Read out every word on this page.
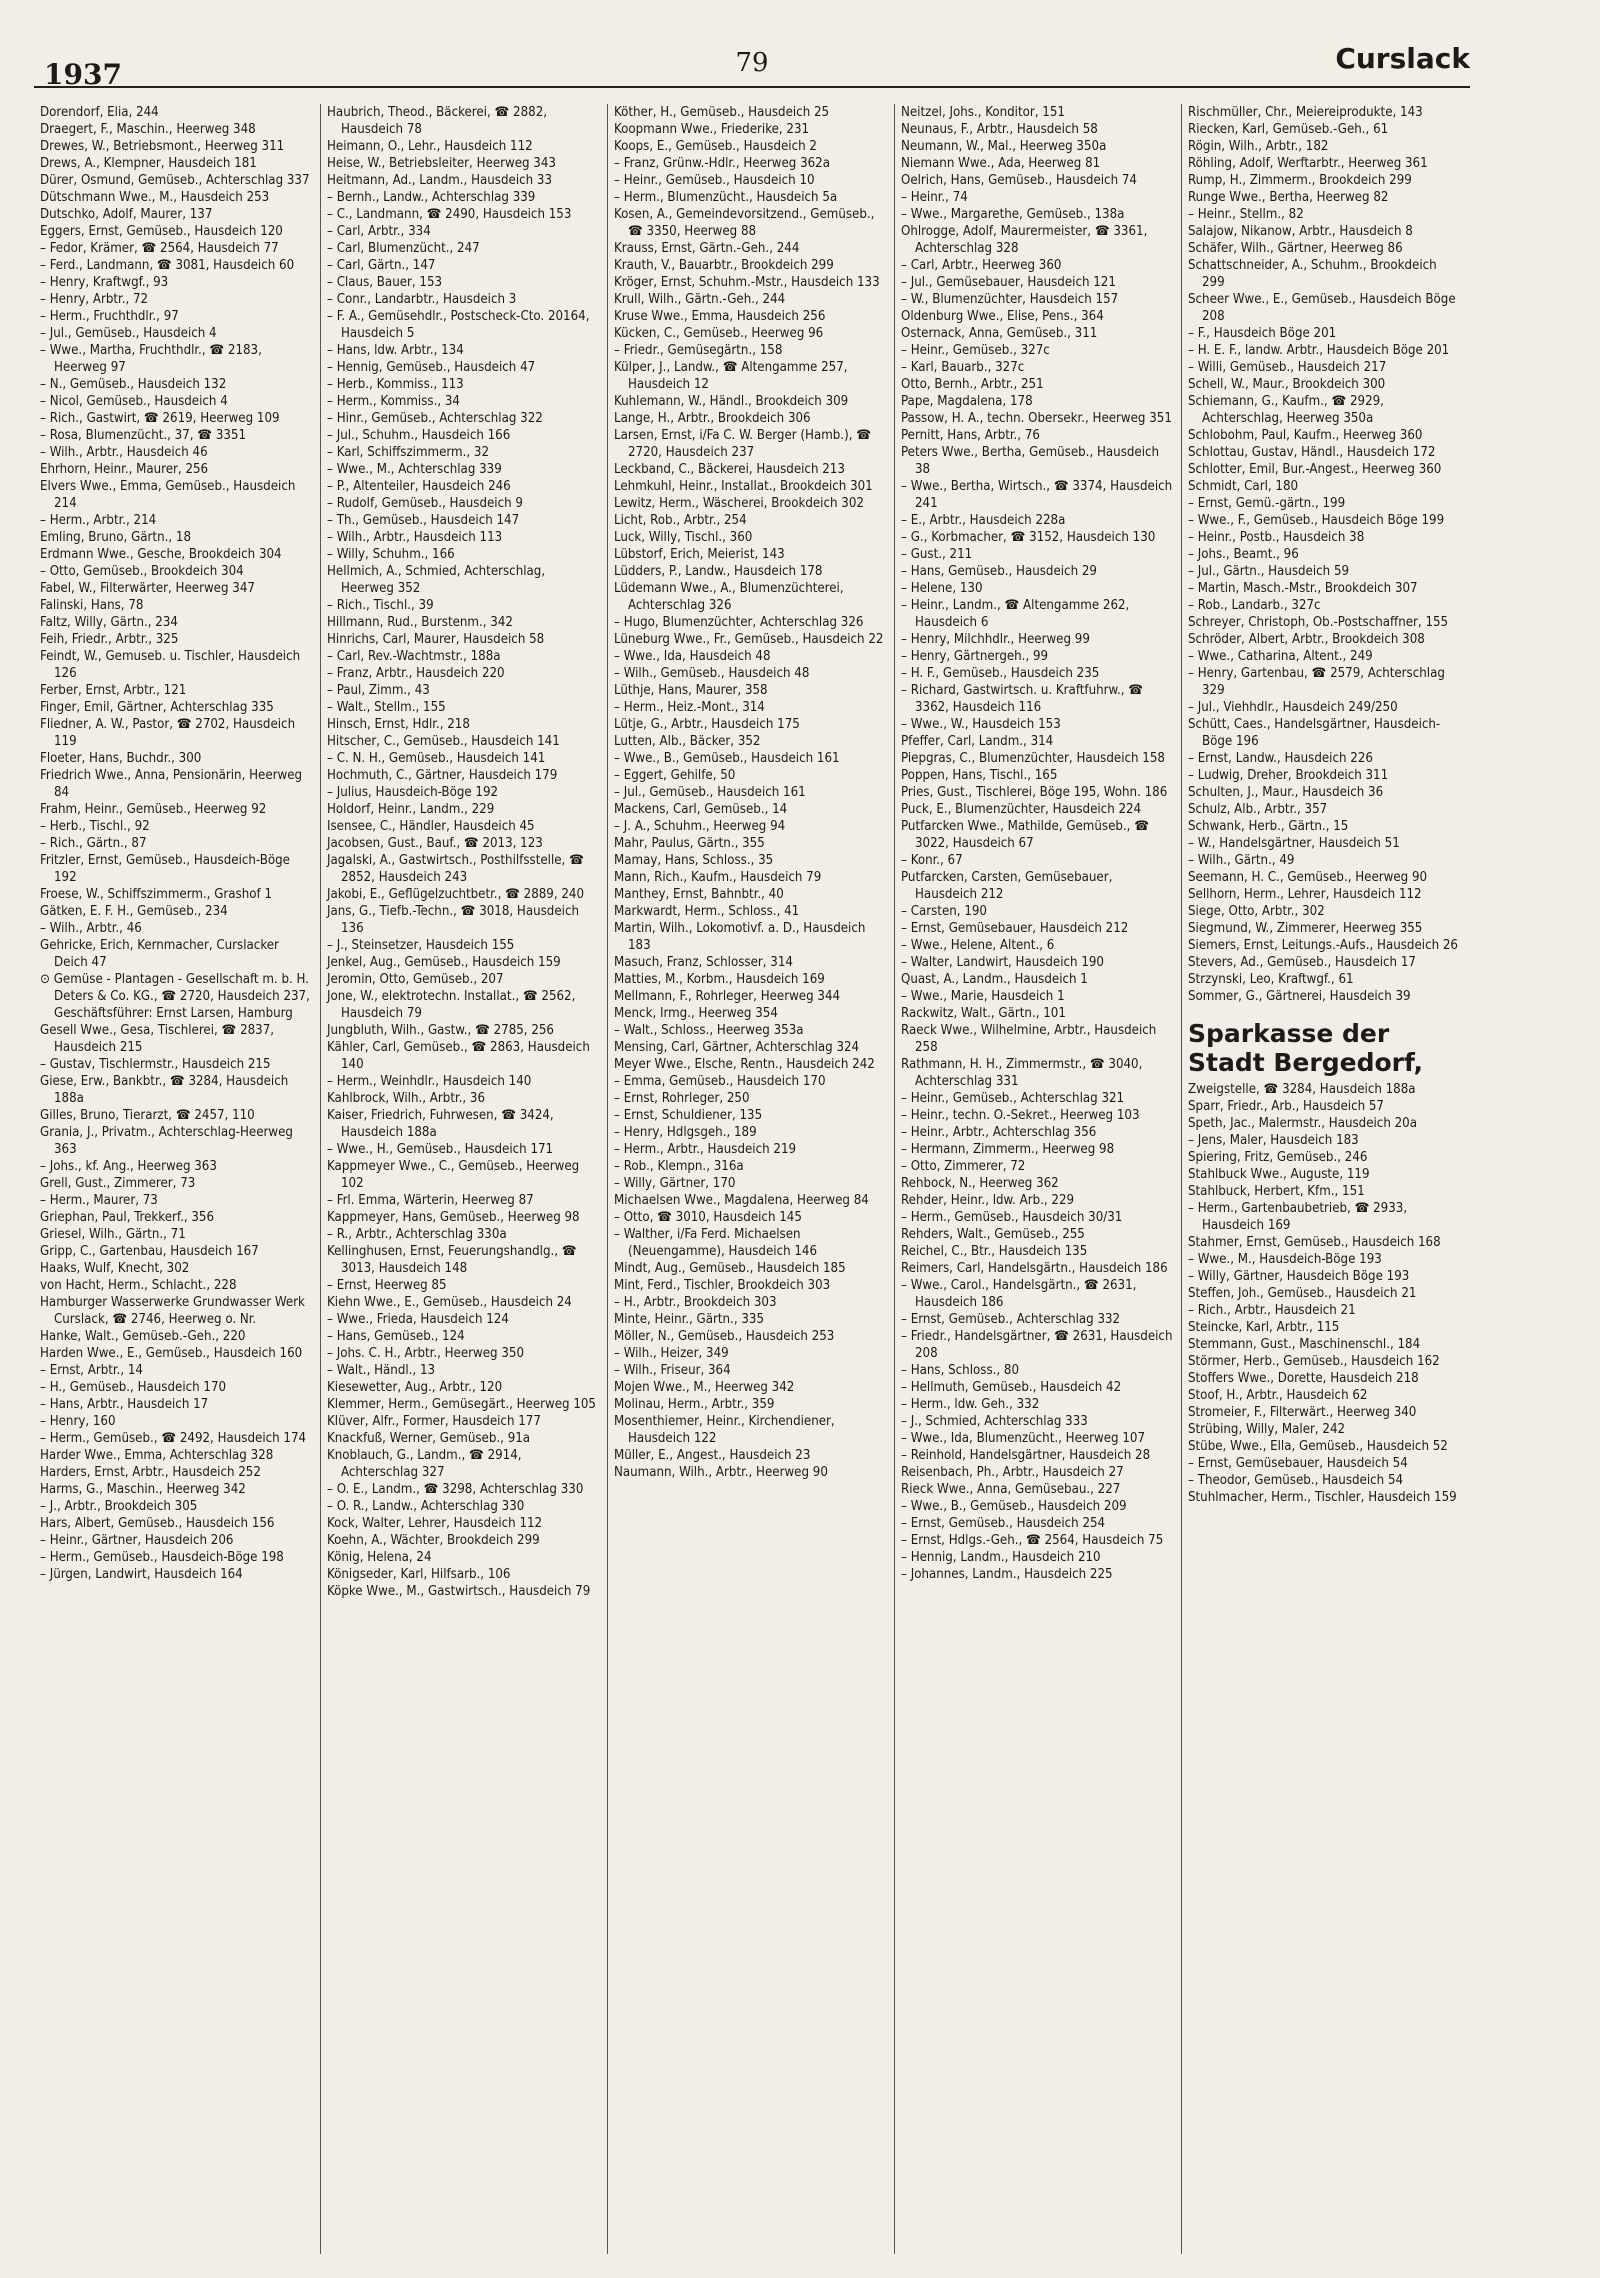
1937	79	Curslack

Dorendorf, Elia, 244

Draegert, F., Maschin., Heerweg 348

Drewes, W., Betriebsmont., Heerweg 311

Drews, A., Klempner, Hausdeich 181

Dürer, Osmund, Gemüseb., Achterschlag 337

Dütschmann Wwe., M., Hausdeich 253

Dutschko, Adolf, Maurer, 137

Eggers, Ernst, Gemüseb., Hausdeich 120

– Fedor, Krämer, ☎ 2564, Hausdeich 77

– Ferd., Landmann, ☎ 3081, Hausdeich 60

– Henry, Kraftwgf., 93

– Henry, Arbtr., 72

– Herm., Fruchthdlr., 97

– Jul., Gemüseb., Hausdeich 4

– Wwe., Martha, Fruchthdlr., ☎ 2183, Heerweg 97

– N., Gemüseb., Hausdeich 132

– Nicol, Gemüseb., Hausdeich 4

– Rich., Gastwirt, ☎ 2619, Heerweg 109

– Rosa, Blumenzücht., 37, ☎ 3351

– Wilh., Arbtr., Hausdeich 46

Ehrhorn, Heinr., Maurer, 256

Elvers Wwe., Emma, Gemüseb., Hausdeich 214

– Herm., Arbtr., 214

Emling, Bruno, Gärtn., 18

Erdmann Wwe., Gesche, Brookdeich 304

– Otto, Gemüseb., Brookdeich 304

Fabel, W., Filterwärter, Heerweg 347

Falinski, Hans, 78

Faltz, Willy, Gärtn., 234

Feih, Friedr., Arbtr., 325

Feindt, W., Gemuseb. u. Tischler, Hausdeich 126

Ferber, Ernst, Arbtr., 121

Finger, Emil, Gärtner, Achterschlag 335

Fliedner, A. W., Pastor, ☎ 2702, Hausdeich 119

Floeter, Hans, Buchdr., 300

Friedrich Wwe., Anna, Pensionärin, Heerweg 84

Frahm, Heinr., Gemüseb., Heerweg 92

– Herb., Tischl., 92

– Rich., Gärtn., 87

Fritzler, Ernst, Gemüseb., Hausdeich-Böge 192

Froese, W., Schiffszimmerm., Grashof 1

Gätken, E. F. H., Gemüseb., 234

– Wilh., Arbtr., 46

Gehricke, Erich, Kernmacher, Curslacker Deich 47

⊙ Gemüse - Plantagen - Gesellschaft m. b. H. Deters & Co. KG., ☎ 2720, Hausdeich 237, Geschäftsführer: Ernst Larsen, Hamburg

Gesell Wwe., Gesa, Tischlerei, ☎ 2837, Hausdeich 215

– Gustav, Tischlermstr., Hausdeich 215

Giese, Erw., Bankbtr., ☎ 3284, Hausdeich 188a

Gilles, Bruno, Tierarzt, ☎ 2457, 110

Grania, J., Privatm., Achterschlag-Heerweg 363

– Johs., kf. Ang., Heerweg 363

Grell, Gust., Zimmerer, 73

– Herm., Maurer, 73

Griephan, Paul, Trekkerf., 356

Griesel, Wilh., Gärtn., 71

Gripp, C., Gartenbau, Hausdeich 167

Haaks, Wulf, Knecht, 302

von Hacht, Herm., Schlacht., 228

Hamburger Wasserwerke Grundwasser Werk Curslack, ☎ 2746, Heerweg o. Nr.

Hanke, Walt., Gemüseb.-Geh., 220

Harden Wwe., E., Gemüseb., Hausdeich 160

– Ernst, Arbtr., 14

– H., Gemüseb., Hausdeich 170

– Hans, Arbtr., Hausdeich 17

– Henry, 160

– Herm., Gemüseb., ☎ 2492, Hausdeich 174

Harder Wwe., Emma, Achterschlag 328

Harders, Ernst, Arbtr., Hausdeich 252

Harms, G., Maschin., Heerweg 342

– J., Arbtr., Brookdeich 305

Hars, Albert, Gemüseb., Hausdeich 156

– Heinr., Gärtner, Hausdeich 206

– Herm., Gemüseb., Hausdeich-Böge 198

– Jürgen, Landwirt, Hausdeich 164

Haubrich, Theod., Bäckerei, ☎ 2882, Hausdeich 78

Heimann, O., Lehr., Hausdeich 112

Heise, W., Betriebsleiter, Heerweg 343

Heitmann, Ad., Landm., Hausdeich 33

– Bernh., Landw., Achterschlag 339

– C., Landmann, ☎ 2490, Hausdeich 153

– Carl, Arbtr., 334

– Carl, Blumenzücht., 247

– Carl, Gärtn., 147

– Claus, Bauer, 153

– Conr., Landarbtr., Hausdeich 3

– F. A., Gemüsehdlr., Postscheck-Cto. 20164, Hausdeich 5

– Hans, ldw. Arbtr., 134

– Hennig, Gemüseb., Hausdeich 47

– Herb., Kommiss., 113

– Herm., Kommiss., 34

– Hinr., Gemüseb., Achterschlag 322

– Jul., Schuhm., Hausdeich 166

– Karl, Schiffszimmerm., 32

– Wwe., M., Achterschlag 339

– P., Altenteiler, Hausdeich 246

– Rudolf, Gemüseb., Hausdeich 9

– Th., Gemüseb., Hausdeich 147

– Wilh., Arbtr., Hausdeich 113

– Willy, Schuhm., 166

Hellmich, A., Schmied, Achterschlag, Heerweg 352

– Rich., Tischl., 39

Hillmann, Rud., Burstenm., 342

Hinrichs, Carl, Maurer, Hausdeich 58

– Carl, Rev.-Wachtmstr., 188a

– Franz, Arbtr., Hausdeich 220

– Paul, Zimm., 43

– Walt., Stellm., 155

Hinsch, Ernst, Hdlr., 218

Hitscher, C., Gemüseb., Hausdeich 141

– C. N. H., Gemüseb., Hausdeich 141

Hochmuth, C., Gärtner, Hausdeich 179

– Julius, Hausdeich-Böge 192

Holdorf, Heinr., Landm., 229

Isensee, C., Händler, Hausdeich 45

Jacobsen, Gust., Bauf., ☎ 2013, 123

Jagalski, A., Gastwirtsch., Posthilfsstelle, ☎ 2852, Hausdeich 243

Jakobi, E., Geflügelzuchtbetr., ☎ 2889, 240

Jans, G., Tiefb.-Techn., ☎ 3018, Hausdeich 136

– J., Steinsetzer, Hausdeich 155

Jenkel, Aug., Gemüseb., Hausdeich 159

Jeromin, Otto, Gemüseb., 207

Jone, W., elektrotechn. Installat., ☎ 2562, Hausdeich 79

Jungbluth, Wilh., Gastw., ☎ 2785, 256

Kähler, Carl, Gemüseb., ☎ 2863, Hausdeich 140

– Herm., Weinhdlr., Hausdeich 140

Kahlbrock, Wilh., Arbtr., 36

Kaiser, Friedrich, Fuhrwesen, ☎ 3424, Hausdeich 188a

– Wwe., H., Gemüseb., Hausdeich 171

Kappmeyer Wwe., C., Gemüseb., Heerweg 102

– Frl. Emma, Wärterin, Heerweg 87

Kappmeyer, Hans, Gemüseb., Heerweg 98

– R., Arbtr., Achterschlag 330a

Kellinghusen, Ernst, Feuerungshandlg., ☎ 3013, Hausdeich 148

– Ernst, Heerweg 85

Kiehn Wwe., E., Gemüseb., Hausdeich 24

– Wwe., Frieda, Hausdeich 124

– Hans, Gemüseb., 124

– Johs. C. H., Arbtr., Heerweg 350

– Walt., Händl., 13

Kiesewetter, Aug., Arbtr., 120

Klemmer, Herm., Gemüsegärt., Heerweg 105

Klüver, Alfr., Former, Hausdeich 177

Knackfuß, Werner, Gemüseb., 91a

Knoblauch, G., Landm., ☎ 2914, Achterschlag 327

– O. E., Landm., ☎ 3298, Achterschlag 330

– O. R., Landw., Achterschlag 330

Kock, Walter, Lehrer, Hausdeich 112

Koehn, A., Wächter, Brookdeich 299

König, Helena, 24

Königseder, Karl, Hilfsarb., 106

Köpke Wwe., M., Gastwirtsch., Hausdeich 79

Köther, H., Gemüseb., Hausdeich 25

Koopmann Wwe., Friederike, 231

Koops, E., Gemüseb., Hausdeich 2

– Franz, Grünw.-Hdlr., Heerweg 362a

– Heinr., Gemüseb., Hausdeich 10

– Herm., Blumenzücht., Hausdeich 5a

Kosen, A., Gemeindevorsitzend., Gemüseb., ☎ 3350, Heerweg 88

Krauss, Ernst, Gärtn.-Geh., 244

Krauth, V., Bauarbtr., Brookdeich 299

Kröger, Ernst, Schuhm.-Mstr., Hausdeich 133

Krull, Wilh., Gärtn.-Geh., 244

Kruse Wwe., Emma, Hausdeich 256

Kücken, C., Gemüseb., Heerweg 96

– Friedr., Gemüsegärtn., 158

Külper, J., Landw., ☎ Altengamme 257, Hausdeich 12

Kuhlemann, W., Händl., Brookdeich 309

Lange, H., Arbtr., Brookdeich 306

Larsen, Ernst, i/Fa C. W. Berger (Hamb.), ☎ 2720, Hausdeich 237

Leckband, C., Bäckerei, Hausdeich 213

Lehmkuhl, Heinr., Installat., Brookdeich 301

Lewitz, Herm., Wäscherei, Brookdeich 302

Licht, Rob., Arbtr., 254

Luck, Willy, Tischl., 360

Lübstorf, Erich, Meierist, 143

Lüdders, P., Landw., Hausdeich 178

Lüdemann Wwe., A., Blumenzüchterei, Achterschlag 326

– Hugo, Blumenzüchter, Achterschlag 326

Lüneburg Wwe., Fr., Gemüseb., Hausdeich 22

– Wwe., Ida, Hausdeich 48

– Wilh., Gemüseb., Hausdeich 48

Lüthje, Hans, Maurer, 358

– Herm., Heiz.-Mont., 314

Lütje, G., Arbtr., Hausdeich 175

Lutten, Alb., Bäcker, 352

– Wwe., B., Gemüseb., Hausdeich 161

– Eggert, Gehilfe, 50

– Jul., Gemüseb., Hausdeich 161

Mackens, Carl, Gemüseb., 14

– J. A., Schuhm., Heerweg 94

Mahr, Paulus, Gärtn., 355

Mamay, Hans, Schloss., 35

Mann, Rich., Kaufm., Hausdeich 79

Manthey, Ernst, Bahnbtr., 40

Markwardt, Herm., Schloss., 41

Martin, Wilh., Lokomotivf. a. D., Hausdeich 183

Masuch, Franz, Schlosser, 314

Matties, M., Korbm., Hausdeich 169

Mellmann, F., Rohrleger, Heerweg 344

Menck, Irmg., Heerweg 354

– Walt., Schloss., Heerweg 353a

Mensing, Carl, Gärtner, Achterschlag 324

Meyer Wwe., Elsche, Rentn., Hausdeich 242

– Emma, Gemüseb., Hausdeich 170

– Ernst, Rohrleger, 250

– Ernst, Schuldiener, 135

– Henry, Hdlgsgeh., 189

– Herm., Arbtr., Hausdeich 219

– Rob., Klempn., 316a

– Willy, Gärtner, 170

Michaelsen Wwe., Magdalena, Heerweg 84

– Otto, ☎ 3010, Hausdeich 145

– Walther, i/Fa Ferd. Michaelsen (Neuengamme), Hausdeich 146

Mindt, Aug., Gemüseb., Hausdeich 185

Mint, Ferd., Tischler, Brookdeich 303

– H., Arbtr., Brookdeich 303

Minte, Heinr., Gärtn., 335

Möller, N., Gemüseb., Hausdeich 253

– Wilh., Heizer, 349

– Wilh., Friseur, 364

Mojen Wwe., M., Heerweg 342

Molinau, Herm., Arbtr., 359

Mosenthiemer, Heinr., Kirchendiener, Hausdeich 122

Müller, E., Angest., Hausdeich 23

Naumann, Wilh., Arbtr., Heerweg 90

Neitzel, Johs., Konditor, 151

Neunaus, F., Arbtr., Hausdeich 58

Neumann, W., Mal., Heerweg 350a

Niemann Wwe., Ada, Heerweg 81

Oelrich, Hans, Gemüseb., Hausdeich 74

– Heinr., 74

– Wwe., Margarethe, Gemüseb., 138a

Ohlrogge, Adolf, Maurermeister, ☎ 3361, Achterschlag 328

– Carl, Arbtr., Heerweg 360

– Jul., Gemüsebauer, Hausdeich 121

– W., Blumenzüchter, Hausdeich 157

Oldenburg Wwe., Elise, Pens., 364

Osternack, Anna, Gemüseb., 311

– Heinr., Gemüseb., 327c

– Karl, Bauarb., 327c

Otto, Bernh., Arbtr., 251

Pape, Magdalena, 178

Passow, H. A., techn. Obersekr., Heerweg 351

Pernitt, Hans, Arbtr., 76

Peters Wwe., Bertha, Gemüseb., Hausdeich 38

– Wwe., Bertha, Wirtsch., ☎ 3374, Hausdeich 241

– E., Arbtr., Hausdeich 228a

– G., Korbmacher, ☎ 3152, Hausdeich 130

– Gust., 211

– Hans, Gemüseb., Hausdeich 29

– Helene, 130

– Heinr., Landm., ☎ Altengamme 262, Hausdeich 6

– Henry, Milchhdlr., Heerweg 99

– Henry, Gärtnergeh., 99

– H. F., Gemüseb., Hausdeich 235

– Richard, Gastwirtsch. u. Kraftfuhrw., ☎ 3362, Hausdeich 116

– Wwe., W., Hausdeich 153

Pfeffer, Carl, Landm., 314

Piepgras, C., Blumenzüchter, Hausdeich 158

Poppen, Hans, Tischl., 165

Pries, Gust., Tischlerei, Böge 195, Wohn. 186

Puck, E., Blumenzüchter, Hausdeich 224

Putfarcken Wwe., Mathilde, Gemüseb., ☎ 3022, Hausdeich 67

– Konr., 67

Putfarcken, Carsten, Gemüsebauer, Hausdeich 212

– Carsten, 190

– Ernst, Gemüsebauer, Hausdeich 212

– Wwe., Helene, Altent., 6

– Walter, Landwirt, Hausdeich 190

Quast, A., Landm., Hausdeich 1

– Wwe., Marie, Hausdeich 1

Rackwitz, Walt., Gärtn., 101

Raeck Wwe., Wilhelmine, Arbtr., Hausdeich 258

Rathmann, H. H., Zimmermstr., ☎ 3040, Achterschlag 331

– Heinr., Gemüseb., Achterschlag 321

– Heinr., techn. O.-Sekret., Heerweg 103

– Heinr., Arbtr., Achterschlag 356

– Hermann, Zimmerm., Heerweg 98

– Otto, Zimmerer, 72

Rehbock, N., Heerweg 362

Rehder, Heinr., ldw. Arb., 229

– Herm., Gemüseb., Hausdeich 30/31

Rehders, Walt., Gemüseb., 255

Reichel, C., Btr., Hausdeich 135

Reimers, Carl, Handelsgärtn., Hausdeich 186

– Wwe., Carol., Handelsgärtn., ☎ 2631, Hausdeich 186

– Ernst, Gemüseb., Achterschlag 332

– Friedr., Handelsgärtner, ☎ 2631, Hausdeich 208

– Hans, Schloss., 80

– Hellmuth, Gemüseb., Hausdeich 42

– Herm., ldw. Geh., 332

– J., Schmied, Achterschlag 333

– Wwe., Ida, Blumenzücht., Heerweg 107

– Reinhold, Handelsgärtner, Hausdeich 28

Reisenbach, Ph., Arbtr., Hausdeich 27

Rieck Wwe., Anna, Gemüsebau., 227

– Wwe., B., Gemüseb., Hausdeich 209

– Ernst, Gemüseb., Hausdeich 254

– Ernst, Hdlgs.-Geh., ☎ 2564, Hausdeich 75

– Hennig, Landm., Hausdeich 210

– Johannes, Landm., Hausdeich 225

Rischmüller, Chr., Meiereiprodukte, 143

Riecken, Karl, Gemüseb.-Geh., 61

Rögin, Wilh., Arbtr., 182

Röhling, Adolf, Werftarbtr., Heerweg 361

Rump, H., Zimmerm., Brookdeich 299

Runge Wwe., Bertha, Heerweg 82

– Heinr., Stellm., 82

Salajow, Nikanow, Arbtr., Hausdeich 8

Schäfer, Wilh., Gärtner, Heerweg 86

Schattschneider, A., Schuhm., Brookdeich 299

Scheer Wwe., E., Gemüseb., Hausdeich Böge 208

– F., Hausdeich Böge 201

– H. E. F., landw. Arbtr., Hausdeich Böge 201

– Willi, Gemüseb., Hausdeich 217

Schell, W., Maur., Brookdeich 300

Schiemann, G., Kaufm., ☎ 2929, Achterschlag, Heerweg 350a

Schlobohm, Paul, Kaufm., Heerweg 360

Schlottau, Gustav, Händl., Hausdeich 172

Schlotter, Emil, Bur.-Angest., Heerweg 360

Schmidt, Carl, 180

– Ernst, Gemü.-gärtn., 199

– Wwe., F., Gemüseb., Hausdeich Böge 199

– Heinr., Postb., Hausdeich 38

– Johs., Beamt., 96

– Jul., Gärtn., Hausdeich 59

– Martin, Masch.-Mstr., Brookdeich 307

– Rob., Landarb., 327c

Schreyer, Christoph, Ob.-Postschaffner, 155

Schröder, Albert, Arbtr., Brookdeich 308

– Wwe., Catharina, Altent., 249

– Henry, Gartenbau, ☎ 2579, Achterschlag 329

– Jul., Viehhdlr., Hausdeich 249/250

Schütt, Caes., Handelsgärtner, Hausdeich-Böge 196

– Ernst, Landw., Hausdeich 226

– Ludwig, Dreher, Brookdeich 311

Schulten, J., Maur., Hausdeich 36

Schulz, Alb., Arbtr., 357

Schwank, Herb., Gärtn., 15

– W., Handelsgärtner, Hausdeich 51

– Wilh., Gärtn., 49

Seemann, H. C., Gemüseb., Heerweg 90

Sellhorn, Herm., Lehrer, Hausdeich 112

Siege, Otto, Arbtr., 302

Siegmund, W., Zimmerer, Heerweg 355

Siemers, Ernst, Leitungs.-Aufs., Hausdeich 26

Stevers, Ad., Gemüseb., Hausdeich 17

Strzynski, Leo, Kraftwgf., 61

Sommer, G., Gärtnerei, Hausdeich 39

Sparkasse der Stadt Bergedorf,

Zweigstelle, ☎ 3284, Hausdeich 188a

Sparr, Friedr., Arb., Hausdeich 57

Speth, Jac., Malermstr., Hausdeich 20a

– Jens, Maler, Hausdeich 183

Spiering, Fritz, Gemüseb., 246

Stahlbuck Wwe., Auguste, 119

Stahlbuck, Herbert, Kfm., 151

– Herm., Gartenbaubetrieb, ☎ 2933, Hausdeich 169

Stahmer, Ernst, Gemüseb., Hausdeich 168

– Wwe., M., Hausdeich-Böge 193

– Willy, Gärtner, Hausdeich Böge 193

Steffen, Joh., Gemüseb., Hausdeich 21

– Rich., Arbtr., Hausdeich 21

Steincke, Karl, Arbtr., 115

Stemmann, Gust., Maschinenschl., 184

Störmer, Herb., Gemüseb., Hausdeich 162

Stoffers Wwe., Dorette, Hausdeich 218

Stoof, H., Arbtr., Hausdeich 62

Stromeier, F., Filterwärt., Heerweg 340

Strübing, Willy, Maler, 242

Stübe, Wwe., Ella, Gemüseb., Hausdeich 52

– Ernst, Gemüsebauer, Hausdeich 54

– Theodor, Gemüseb., Hausdeich 54

Stuhlmacher, Herm., Tischler, Hausdeich 159
